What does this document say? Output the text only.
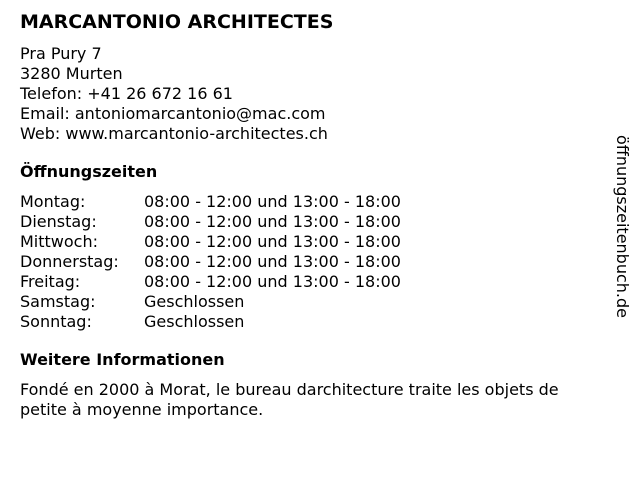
MARCANTONIO ARCHITECTES
Pra Pury 7
3280 Murten
Telefon: +41 26 672 16 61
Email: antoniomarcantonio@mac.com
Web: www.marcantonio-architectes.ch
Öffnungszeiten
Montag:	08:00 - 12:00 und 13:00 - 18:00
Dienstag:	08:00 - 12:00 und 13:00 - 18:00
Mittwoch:	08:00 - 12:00 und 13:00 - 18:00
Donnerstag:	08:00 - 12:00 und 13:00 - 18:00
Freitag:	08:00 - 12:00 und 13:00 - 18:00
Samstag:	Geschlossen
Sonntag:	Geschlossen
Weitere Informationen
Fondé en 2000 à Morat, le bureau darchitecture traite les objets de petite à moyenne importance.
öffnungszeitenbuch.de
